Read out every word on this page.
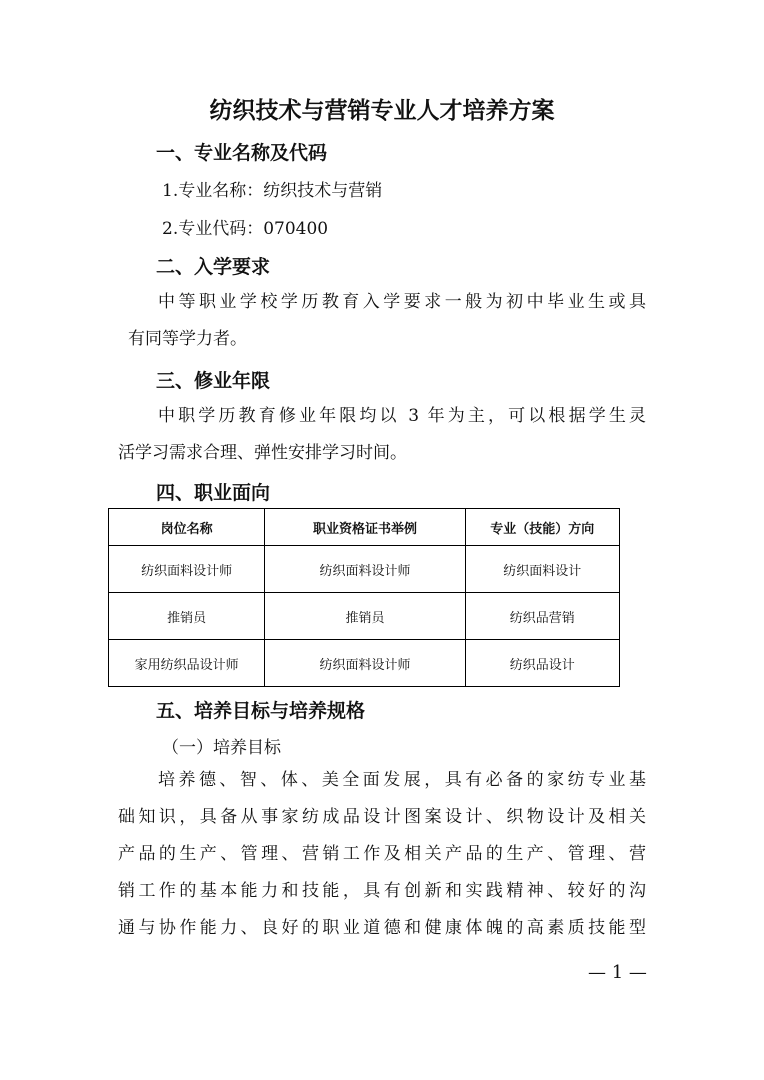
纺织技术与营销专业人才培养方案
一、专业名称及代码
1.专业名称：纺织技术与营销
2.专业代码：070400
二、入学要求
中等职业学校学历教育入学要求一般为初中毕业生或具
有同等学力者。
三、修业年限
中职学历教育修业年限均以 3 年为主，可以根据学生灵
活学习需求合理、弹性安排学习时间。
四、职业面向
岗位名称	职业资格证书举例	专业（技能）方向
纺织面料设计师	纺织面料设计师	纺织面料设计
推销员	推销员	纺织品营销
家用纺织品设计师	纺织面料设计师	纺织品设计
五、培养目标与培养规格
（一）培养目标
培养德、智、体、美全面发展，具有必备的家纺专业基
础知识，具备从事家纺成品设计图案设计、织物设计及相关
产品的生产、管理、营销工作及相关产品的生产、管理、营
销工作的基本能力和技能，具有创新和实践精神、较好的沟
通与协作能力、良好的职业道德和健康体魄的高素质技能型
— 1 —
